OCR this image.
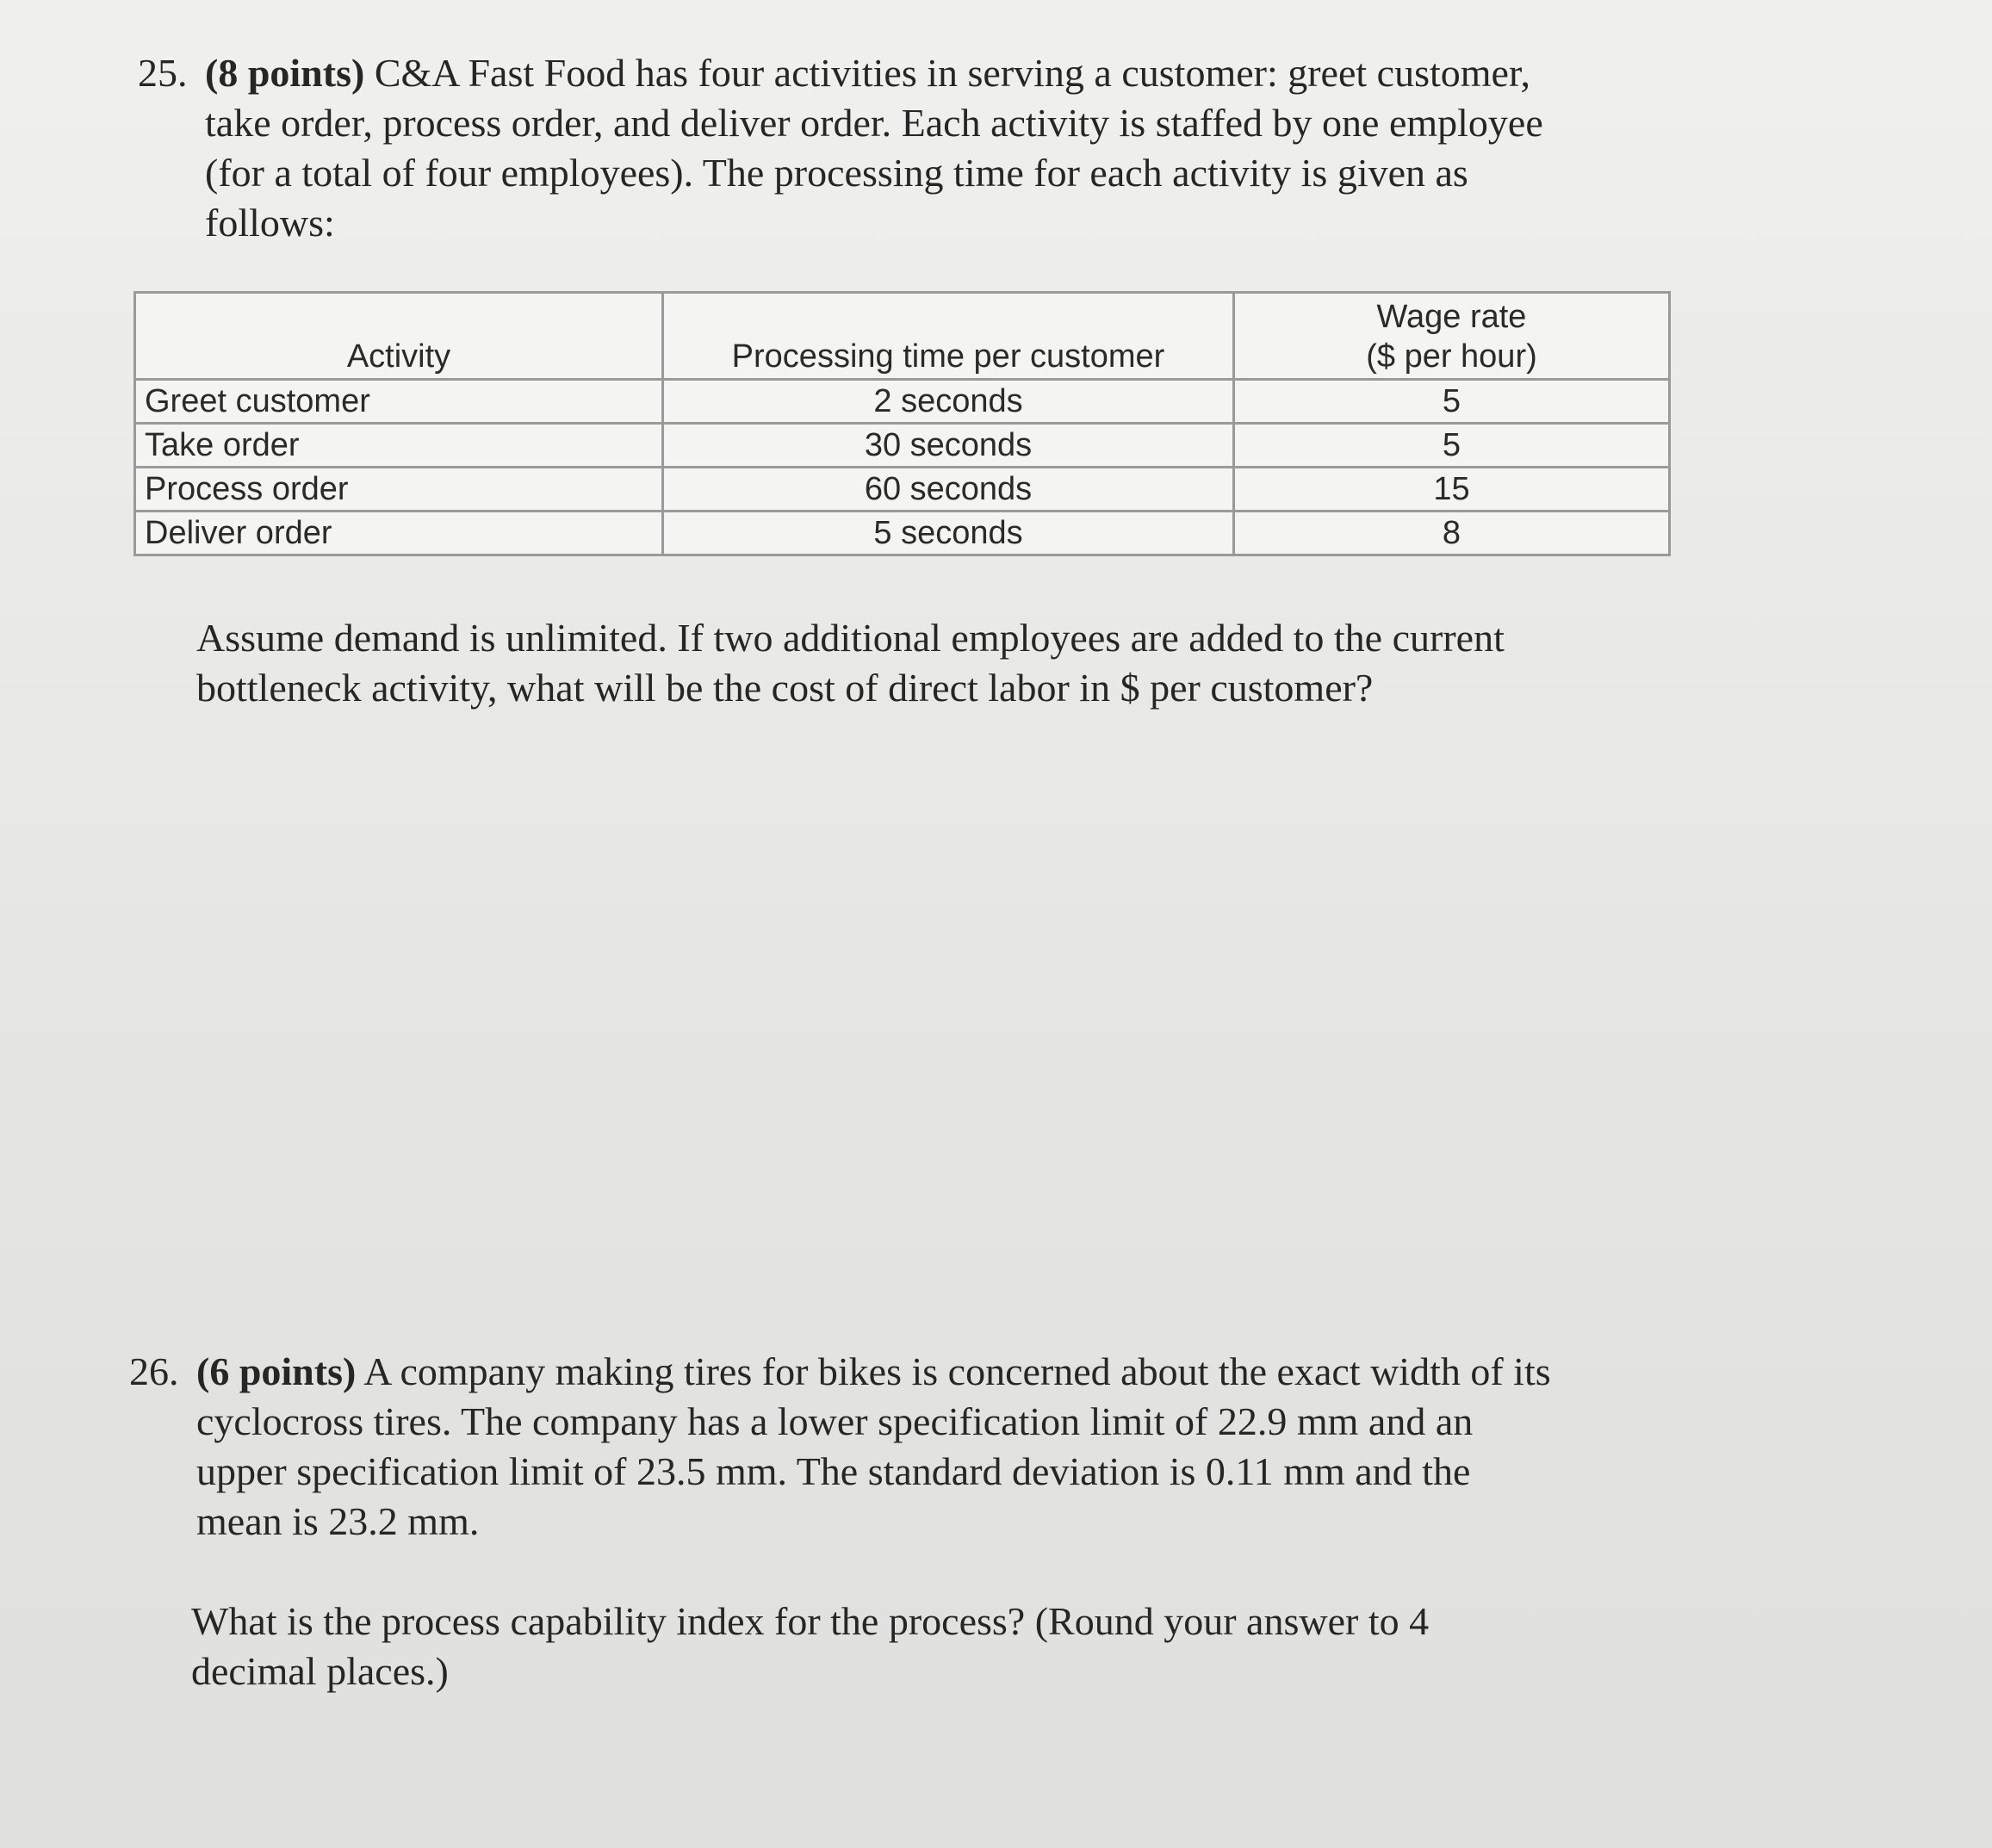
25. (8 points) C&A Fast Food has four activities in serving a customer: greet customer,
take order, process order, and deliver order. Each activity is staffed by one employee
(for a total of four employees). The processing time for each activity is given as
follows:
Activity	Processing time per customer	Wage rate
($ per hour)

Greet customer	2 seconds	5
Take order	30 seconds	5
Process order	60 seconds	15
Deliver order	5 seconds	8
Assume demand is unlimited. If two additional employees are added to the current
bottleneck activity, what will be the cost of direct labor in $ per customer?
26. (6 points) A company making tires for bikes is concerned about the exact width of its
cyclocross tires. The company has a lower specification limit of 22.9 mm and an
upper specification limit of 23.5 mm. The standard deviation is 0.11 mm and the
mean is 23.2 mm.
What is the process capability index for the process? (Round your answer to 4
decimal places.)
